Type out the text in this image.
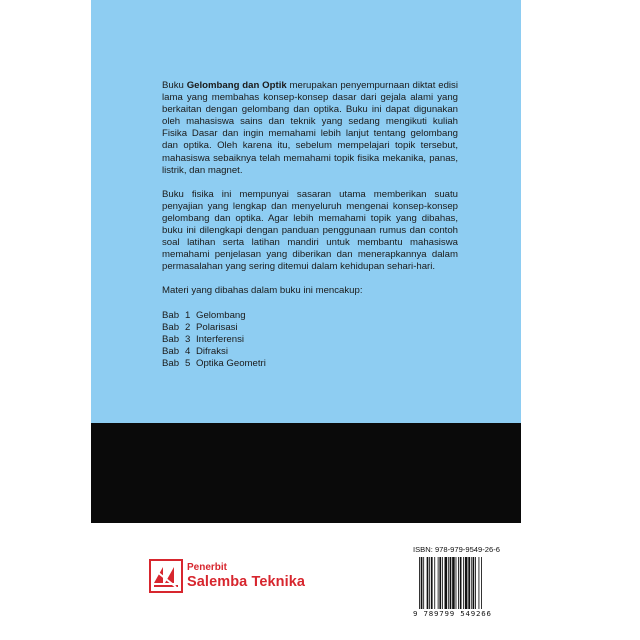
Buku Gelombang dan Optik merupakan penyempurnaan diktat edisi lama yang membahas konsep-konsep dasar dari gejala alami yang berkaitan dengan gelombang dan optika. Buku ini dapat digunakan oleh mahasiswa sains dan teknik yang sedang mengikuti kuliah Fisika Dasar dan ingin memahami lebih lanjut tentang gelombang dan optika. Oleh karena itu, sebelum mempelajari topik tersebut, mahasiswa sebaiknya telah memahami topik fisika mekanika, panas, listrik, dan magnet.

Buku fisika ini mempunyai sasaran utama memberikan suatu penyajian yang lengkap dan menyeluruh mengenai konsep-konsep gelombang dan optika. Agar lebih memahami topik yang dibahas, buku ini dilengkapi dengan panduan penggunaan rumus dan contoh soal latihan serta latihan mandiri untuk membantu mahasiswa memahami penjelasan yang diberikan dan menerapkannya dalam permasalahan yang sering ditemui dalam kehidupan sehari-hari.

Materi yang dibahas dalam buku ini mencakup:

Bab 1 Gelombang
Bab 2 Polarisasi
Bab 3 Interferensi
Bab 4 Difraksi
Bab 5 Optika Geometri
Penerbit
Salemba Teknika
ISBN: 978-979-9549-26-6
9 789799 549266
